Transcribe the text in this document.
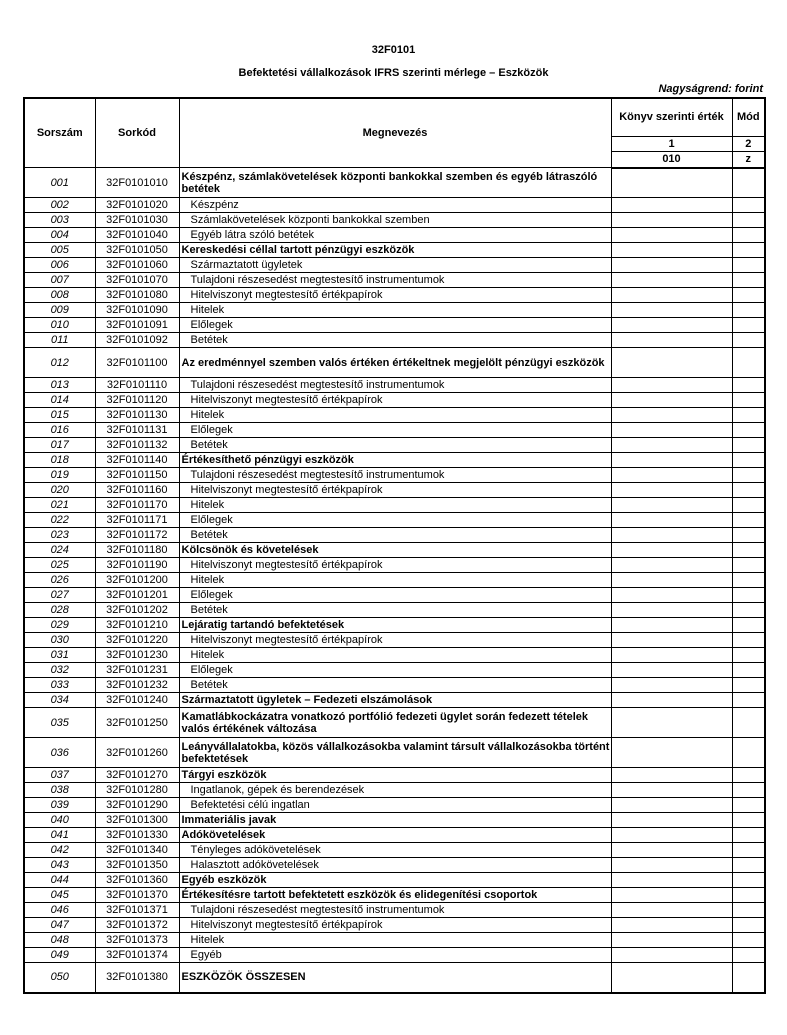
32F0101
Befektetési vállalkozások IFRS szerinti mérlege – Eszközök
Nagyságrend: forint
Sorszám	Sorkód	Megnevezés	Könyv szerinti érték	Mód
			1	2
			010	z
001	32F0101010	Készpénz, számlakövetelések központi bankokkal szemben és egyéb látraszóló betétek		
002	32F0101020	Készpénz		
003	32F0101030	Számlakövetelések központi bankokkal szemben		
004	32F0101040	Egyéb látra szóló betétek		
005	32F0101050	Kereskedési céllal tartott pénzügyi eszközök		
006	32F0101060	Származtatott ügyletek		
007	32F0101070	Tulajdoni részesedést megtestesítő instrumentumok		
008	32F0101080	Hitelviszonyt megtestesítő értékpapírok		
009	32F0101090	Hitelek		
010	32F0101091	Előlegek		
011	32F0101092	Betétek		
012	32F0101100	Az eredménnyel szemben valós értéken értékeltnek megjelölt pénzügyi eszközök		
013	32F0101110	Tulajdoni részesedést megtestesítő instrumentumok		
014	32F0101120	Hitelviszonyt megtestesítő értékpapírok		
015	32F0101130	Hitelek		
016	32F0101131	Előlegek		
017	32F0101132	Betétek		
018	32F0101140	Értékesíthető pénzügyi eszközök		
019	32F0101150	Tulajdoni részesedést megtestesítő instrumentumok		
020	32F0101160	Hitelviszonyt megtestesítő értékpapírok		
021	32F0101170	Hitelek		
022	32F0101171	Előlegek		
023	32F0101172	Betétek		
024	32F0101180	Kölcsönök és követelések		
025	32F0101190	Hitelviszonyt megtestesítő értékpapírok		
026	32F0101200	Hitelek		
027	32F0101201	Előlegek		
028	32F0101202	Betétek		
029	32F0101210	Lejáratig tartandó befektetések		
030	32F0101220	Hitelviszonyt megtestesítő értékpapírok		
031	32F0101230	Hitelek		
032	32F0101231	Előlegek		
033	32F0101232	Betétek		
034	32F0101240	Származtatott ügyletek – Fedezeti elszámolások		
035	32F0101250	Kamatlábkockázatra vonatkozó portfólió fedezeti ügylet során fedezett tételek valós értékének változása		
036	32F0101260	Leányvállalatokba, közös vállalkozásokba valamint társult vállalkozásokba történt befektetések		
037	32F0101270	Tárgyi eszközök		
038	32F0101280	Ingatlanok, gépek és berendezések		
039	32F0101290	Befektetési célú ingatlan		
040	32F0101300	Immateriális javak		
041	32F0101330	Adókövetelések		
042	32F0101340	Tényleges adókövetelések		
043	32F0101350	Halasztott adókövetelések		
044	32F0101360	Egyéb eszközök		
045	32F0101370	Értékesítésre tartott befektetett eszközök és elidegenítési csoportok		
046	32F0101371	Tulajdoni részesedést megtestesítő instrumentumok		
047	32F0101372	Hitelviszonyt megtestesítő értékpapírok		
048	32F0101373	Hitelek		
049	32F0101374	Egyéb		
050	32F0101380	ESZKÖZÖK ÖSSZESEN		
